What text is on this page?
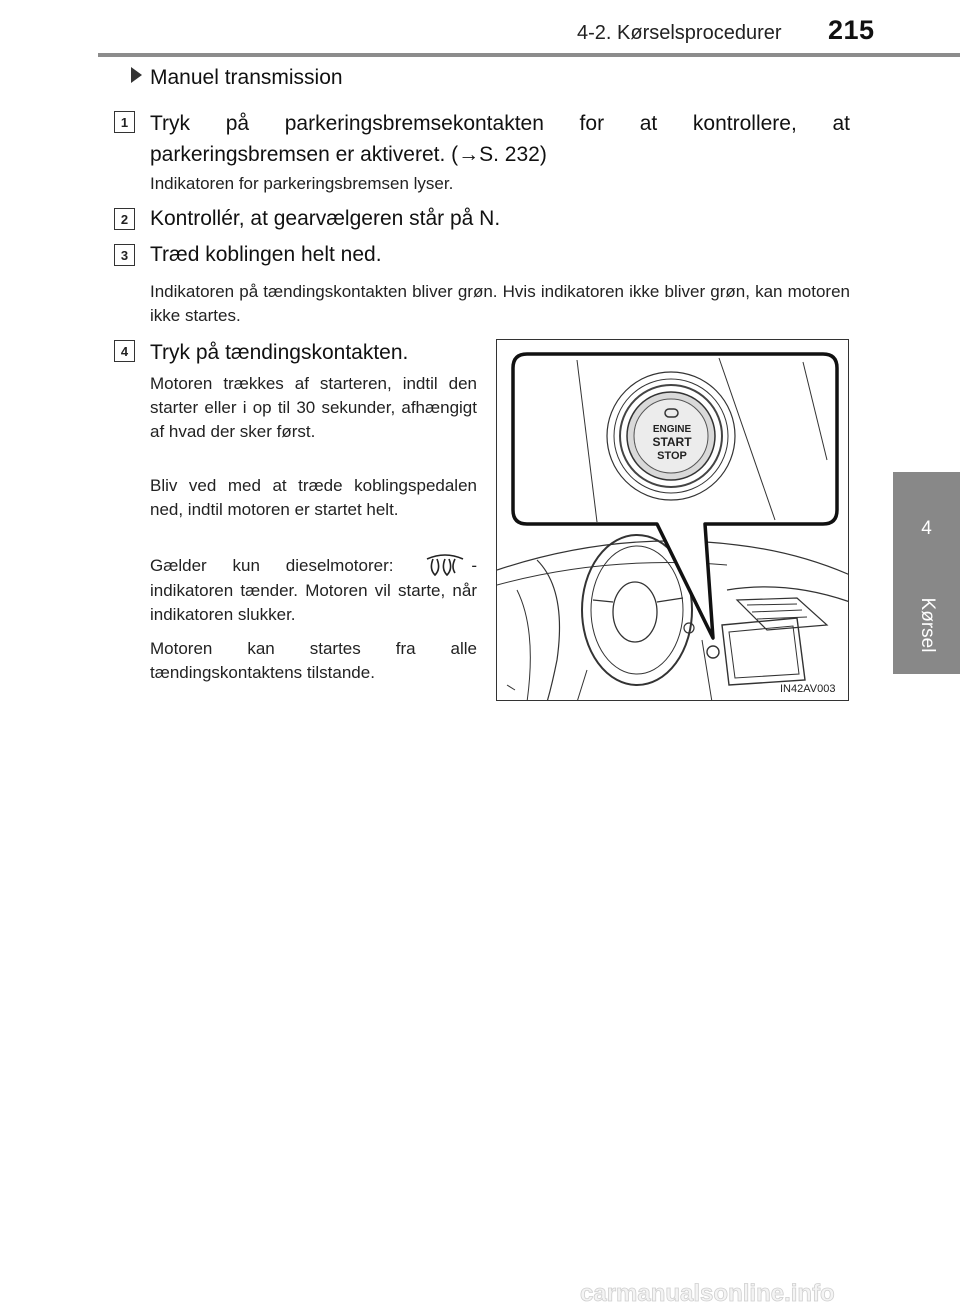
4-2. Kørselsprocedurer 215
4
Kørsel
Manuel transmission
1	Tryk på parkeringsbremsekontakten for at kontrollere, at parkeringsbremsen er aktiveret. (→S. 232)
Indikatoren for parkeringsbremsen lyser.
2	Kontrollér, at gearvælgeren står på N.
3	Træd koblingen helt ned.
Indikatoren på tændingskontakten bliver grøn. Hvis indikatoren ikke bliver grøn, kan motoren ikke startes.
4	Tryk på tændingskontakten.
Motoren trækkes af starteren, indtil den starter eller i op til 30 sekunder, afhængigt af hvad der sker først.
Bliv ved med at træde koblingspedalen ned, indtil motoren er startet helt.
Gælder kun dieselmotorer:	-indikatoren tænder. Motoren vil starte, når indikatoren slukker.
Motoren kan startes fra alle tændingskontaktens tilstande.
ENGINE
START
STOP
IN42AV003
carmanualsonline.info
